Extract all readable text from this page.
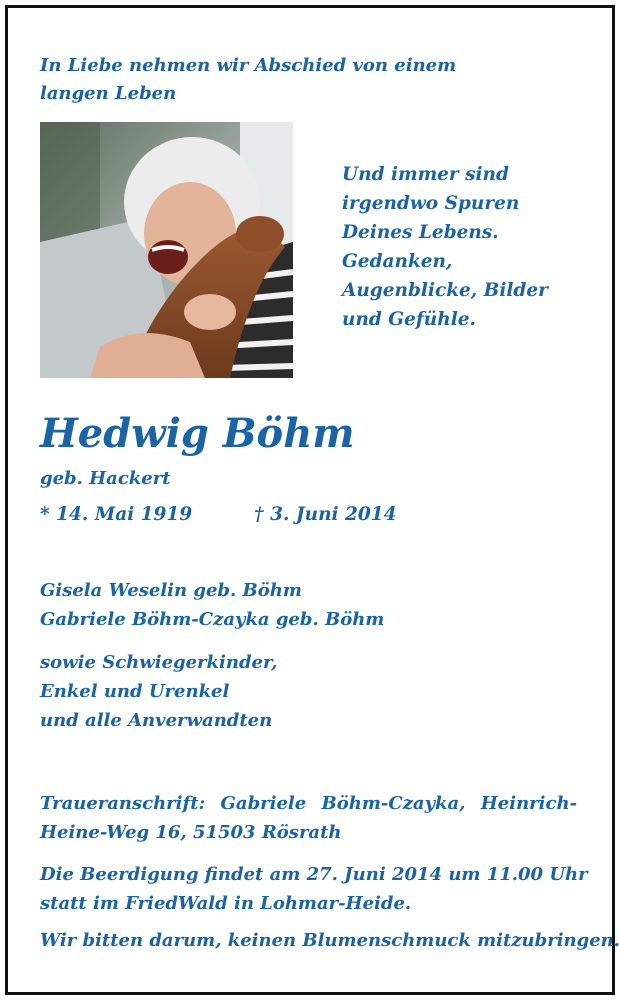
In Liebe nehmen wir Abschied von einem
langen Leben
Und immer sind
irgendwo Spuren
Deines Lebens.
Gedanken,
Augenblicke, Bilder
und Gefühle.
Hedwig Böhm
geb. Hackert
* 14. Mai 1919	† 3. Juni 2014
Gisela Weselin geb. Böhm
Gabriele Böhm-Czayka geb. Böhm
sowie Schwiegerkinder,
Enkel und Urenkel
und alle Anverwandten
Traueranschrift: Gabriele Böhm-Czayka, Heinrich-Heine-Weg 16, 51503 Rösrath
Die Beerdigung findet am 27. Juni 2014 um 11.00 Uhr
statt im FriedWald in Lohmar-Heide.
Wir bitten darum, keinen Blumenschmuck mitzubringen.
